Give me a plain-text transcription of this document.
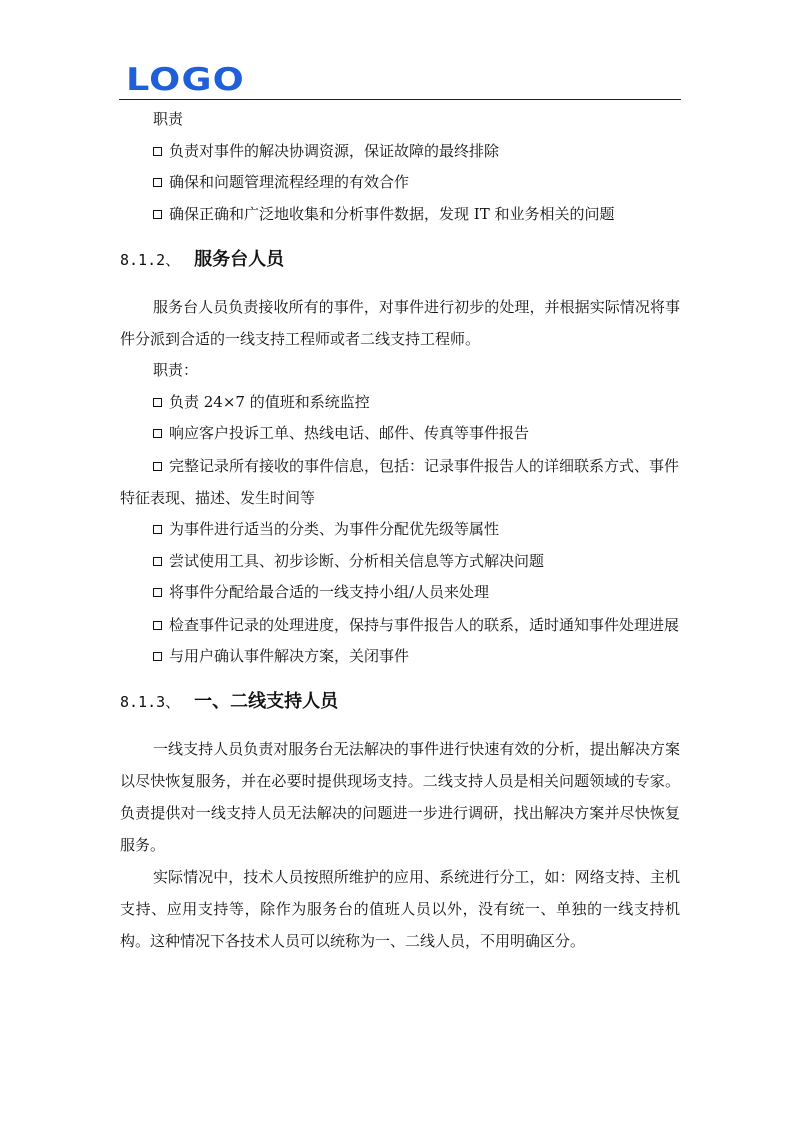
LOGO
职责
负责对事件的解决协调资源，保证故障的最终排除
确保和问题管理流程经理的有效合作
确保正确和广泛地收集和分析事件数据，发现 IT 和业务相关的问题
8.1.2、 服务台人员
服务台人员负责接收所有的事件，对事件进行初步的处理，并根据实际情况将事件分派到合适的一线支持工程师或者二线支持工程师。
职责：
负责 24×7 的值班和系统监控
响应客户投诉工单、热线电话、邮件、传真等事件报告
完整记录所有接收的事件信息，包括：记录事件报告人的详细联系方式、事件特征表现、描述、发生时间等
为事件进行适当的分类、为事件分配优先级等属性
尝试使用工具、初步诊断、分析相关信息等方式解决问题
将事件分配给最合适的一线支持小组/人员来处理
检查事件记录的处理进度，保持与事件报告人的联系，适时通知事件处理进展
与用户确认事件解决方案，关闭事件
8.1.3、 一、二线支持人员
一线支持人员负责对服务台无法解决的事件进行快速有效的分析，提出解决方案以尽快恢复服务，并在必要时提供现场支持。二线支持人员是相关问题领域的专家。负责提供对一线支持人员无法解决的问题进一步进行调研，找出解决方案并尽快恢复服务。
实际情况中，技术人员按照所维护的应用、系统进行分工，如：网络支持、主机支持、应用支持等，除作为服务台的值班人员以外，没有统一、单独的一线支持机构。这种情况下各技术人员可以统称为一、二线人员，不用明确区分。
